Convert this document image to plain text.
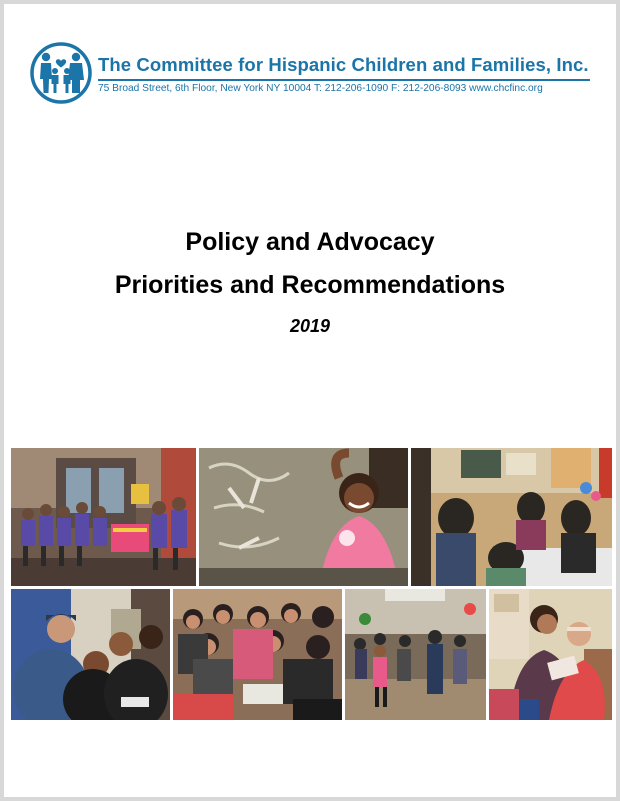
The Committee for Hispanic Children and Families, Inc.
75 Broad Street, 6th Floor, New York NY 10004 T: 212-206-1090 F: 212-206-8093 www.chcfinc.org
Policy and Advocacy
Priorities and Recommendations
2019
